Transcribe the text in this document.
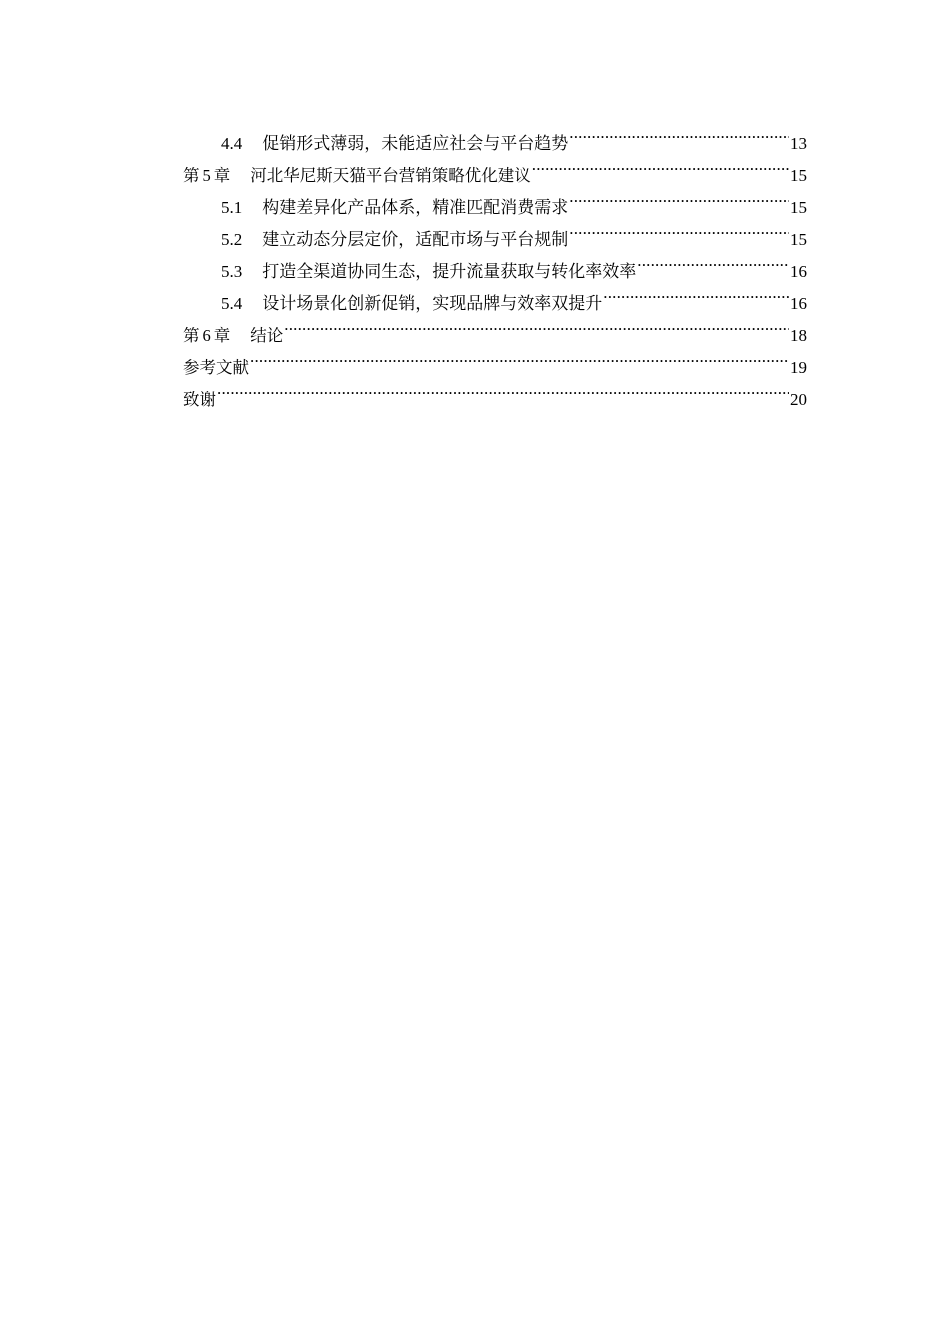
4.4 促销形式薄弱，未能适应社会与平台趋势 .....	13
第 5 章 河北华尼斯天猫平台营销策略优化建议 .....	15
5.1 构建差异化产品体系，精准匹配消费需求 .....	15
5.2 建立动态分层定价，适配市场与平台规制 .....	15
5.3 打造全渠道协同生态，提升流量获取与转化率效率 .....	16
5.4 设计场景化创新促销，实现品牌与效率双提升 .....	16
第 6 章 结论 .....	18
参考文献 .....	19
致谢 .....	20
